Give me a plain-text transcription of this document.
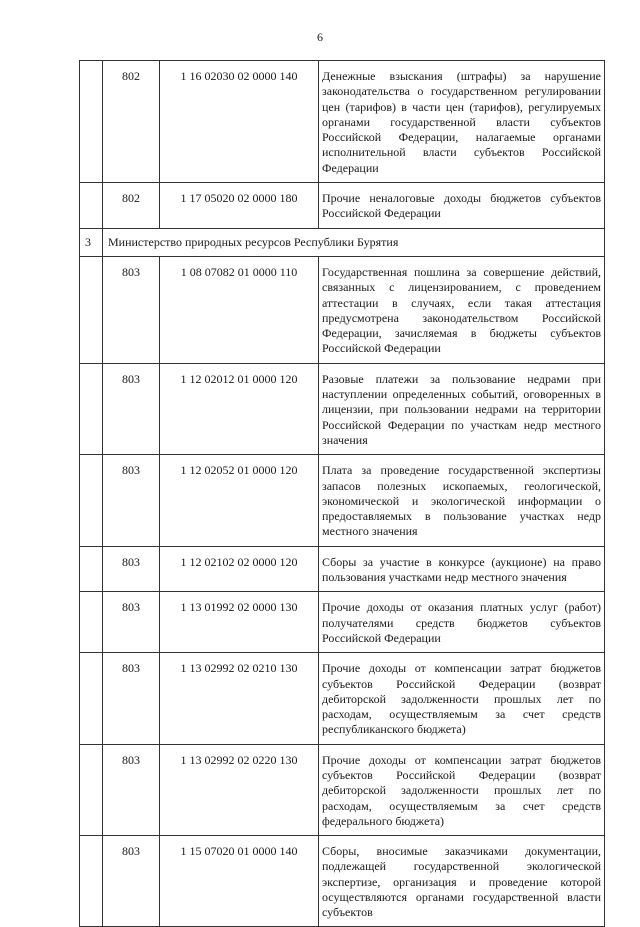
6
	802	1 16 02030 02 0000 140	Денежные взыскания (штрафы) за нарушение законодательства о государственном регулировании цен (тарифов) в части цен (тарифов), регулируемых органами государственной власти субъектов Российской Федерации, налагаемые органами исполнительной власти субъектов Российской Федерации
	802	1 17 05020 02 0000 180	Прочие неналоговые доходы бюджетов субъектов Российской Федерации
3	Министерство природных ресурсов Республики Бурятия		
	803	1 08 07082 01 0000 110	Государственная пошлина за совершение действий, связанных с лицензированием, с проведением аттестации в случаях, если такая аттестация предусмотрена законодательством Российской Федерации, зачисляемая в бюджеты субъектов Российской Федерации
	803	1 12 02012 01 0000 120	Разовые платежи за пользование недрами при наступлении определенных событий, оговоренных в лицензии, при пользовании недрами на территории Российской Федерации по участкам недр местного значения
	803	1 12 02052 01 0000 120	Плата за проведение государственной экспертизы запасов полезных ископаемых, геологической, экономической и экологической информации о предоставляемых в пользование участках недр местного значения
	803	1 12 02102 02 0000 120	Сборы за участие в конкурсе (аукционе) на право пользования участками недр местного значения
	803	1 13 01992 02 0000 130	Прочие доходы от оказания платных услуг (работ) получателями средств бюджетов субъектов Российской Федерации
	803	1 13 02992 02 0210 130	Прочие доходы от компенсации затрат бюджетов субъектов Российской Федерации (возврат дебиторской задолженности прошлых лет по расходам, осуществляемым за счет средств республиканского бюджета)
	803	1 13 02992 02 0220 130	Прочие доходы от компенсации затрат бюджетов субъектов Российской Федерации (возврат дебиторской задолженности прошлых лет по расходам, осуществляемым за счет средств федерального бюджета)
	803	1 15 07020 01 0000 140	Сборы, вносимые заказчиками документации, подлежащей государственной экологической экспертизе, организация и проведение которой осуществляются органами государственной власти субъектов
